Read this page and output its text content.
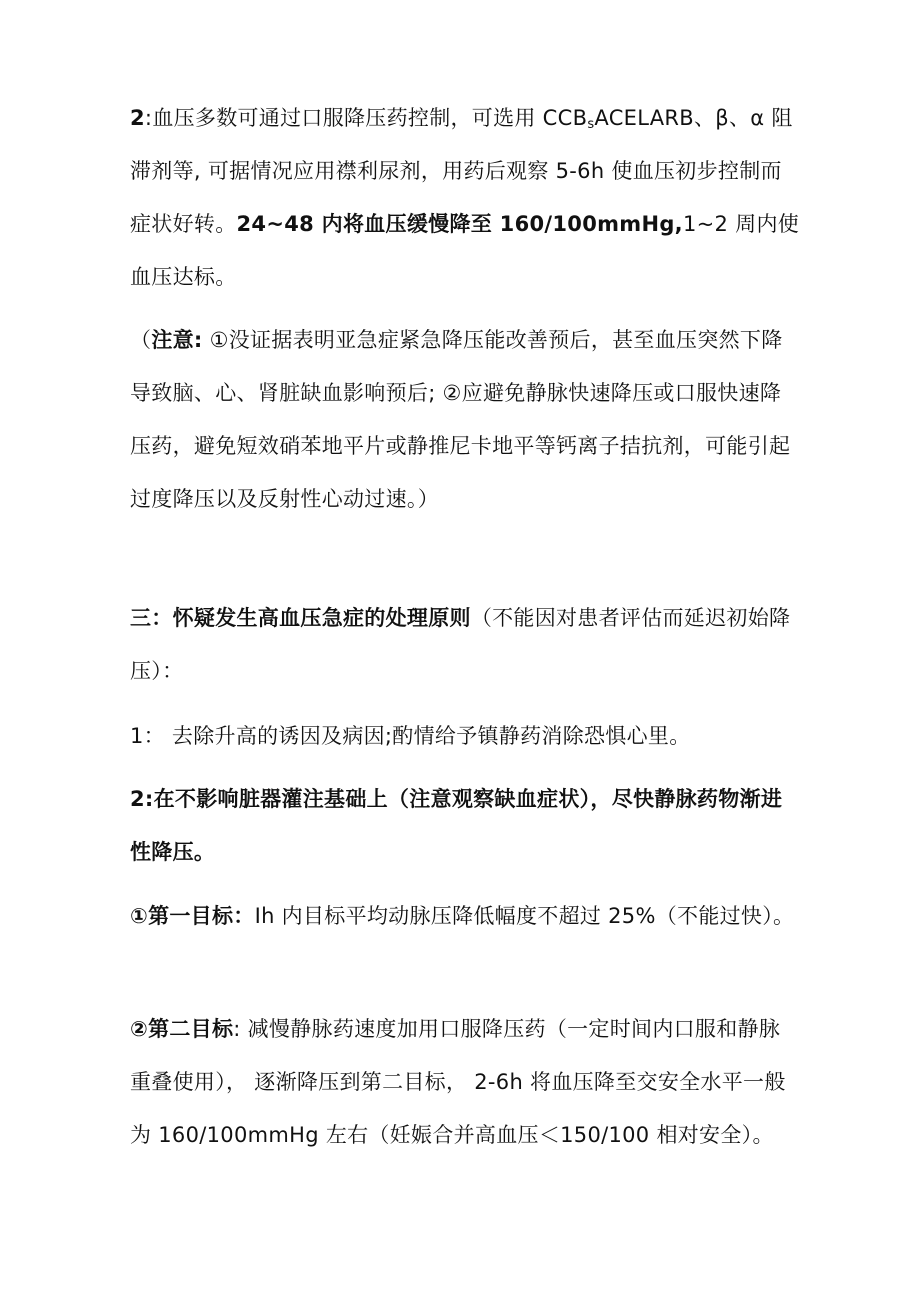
2:血压多数可通过口服降压药控制，可选用 $CCB_sACELARB$、β、α 阻滞剂等, 可据情况应用襟利尿剂，用药后观察 5-6h 使血压初步控制而症状好转。24~48 内将血压缓慢降至 160/100mmHg,1~2 周内使血压达标。

（注意: ①没证据表明亚急症紧急降压能改善预后，甚至血压突然下降导致脑、心、肾脏缺血影响预后; ②应避免静脉快速降压或口服快速降压药，避免短效硝苯地平片或静推尼卡地平等钙离子拮抗剂，可能引起过度降压以及反射性心动过速。）

三：怀疑发生高血压急症的处理原则（不能因对患者评估而延迟初始降压）：

1： 去除升高的诱因及病因;酌情给予镇静药消除恐惧心里。

2:在不影响脏器灌注基础上（注意观察缺血症状），尽快静脉药物渐进性降压。

①第一目标：Ih 内目标平均动脉压降低幅度不超过 25%（不能过快）。

②第二目标: 减慢静脉药速度加用口服降压药（一定时间内口服和静脉重叠使用）， 逐渐降压到第二目标， 2-6h 将血压降至交安全水平一般为 160/100mmHg 左右（妊娠合并高血压＜150/100 相对安全）。
